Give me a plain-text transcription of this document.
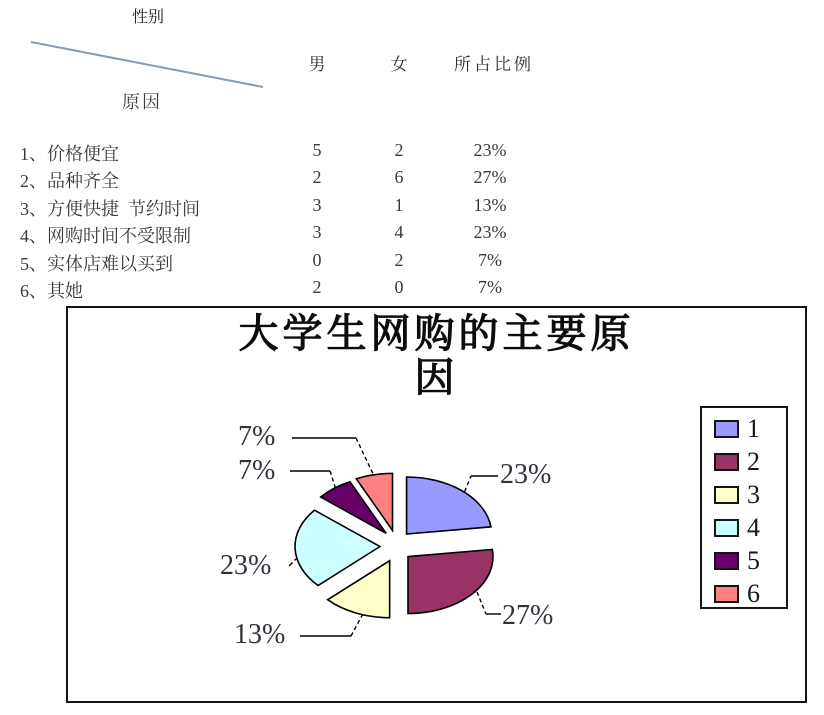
性别
原因
男	女	所占比例
1、价格便宜	5	2	23%
2、品种齐全	2	6	27%
3、方便快捷  节约时间	3	1	13%
4、网购时间不受限制	3	4	23%
5、实体店难以买到	0	2	7%
6、其她	2	0	7%
大学生网购的主要原
因
23%
27%
13%
23%
7%
7%	1
2
3
4
5
6
